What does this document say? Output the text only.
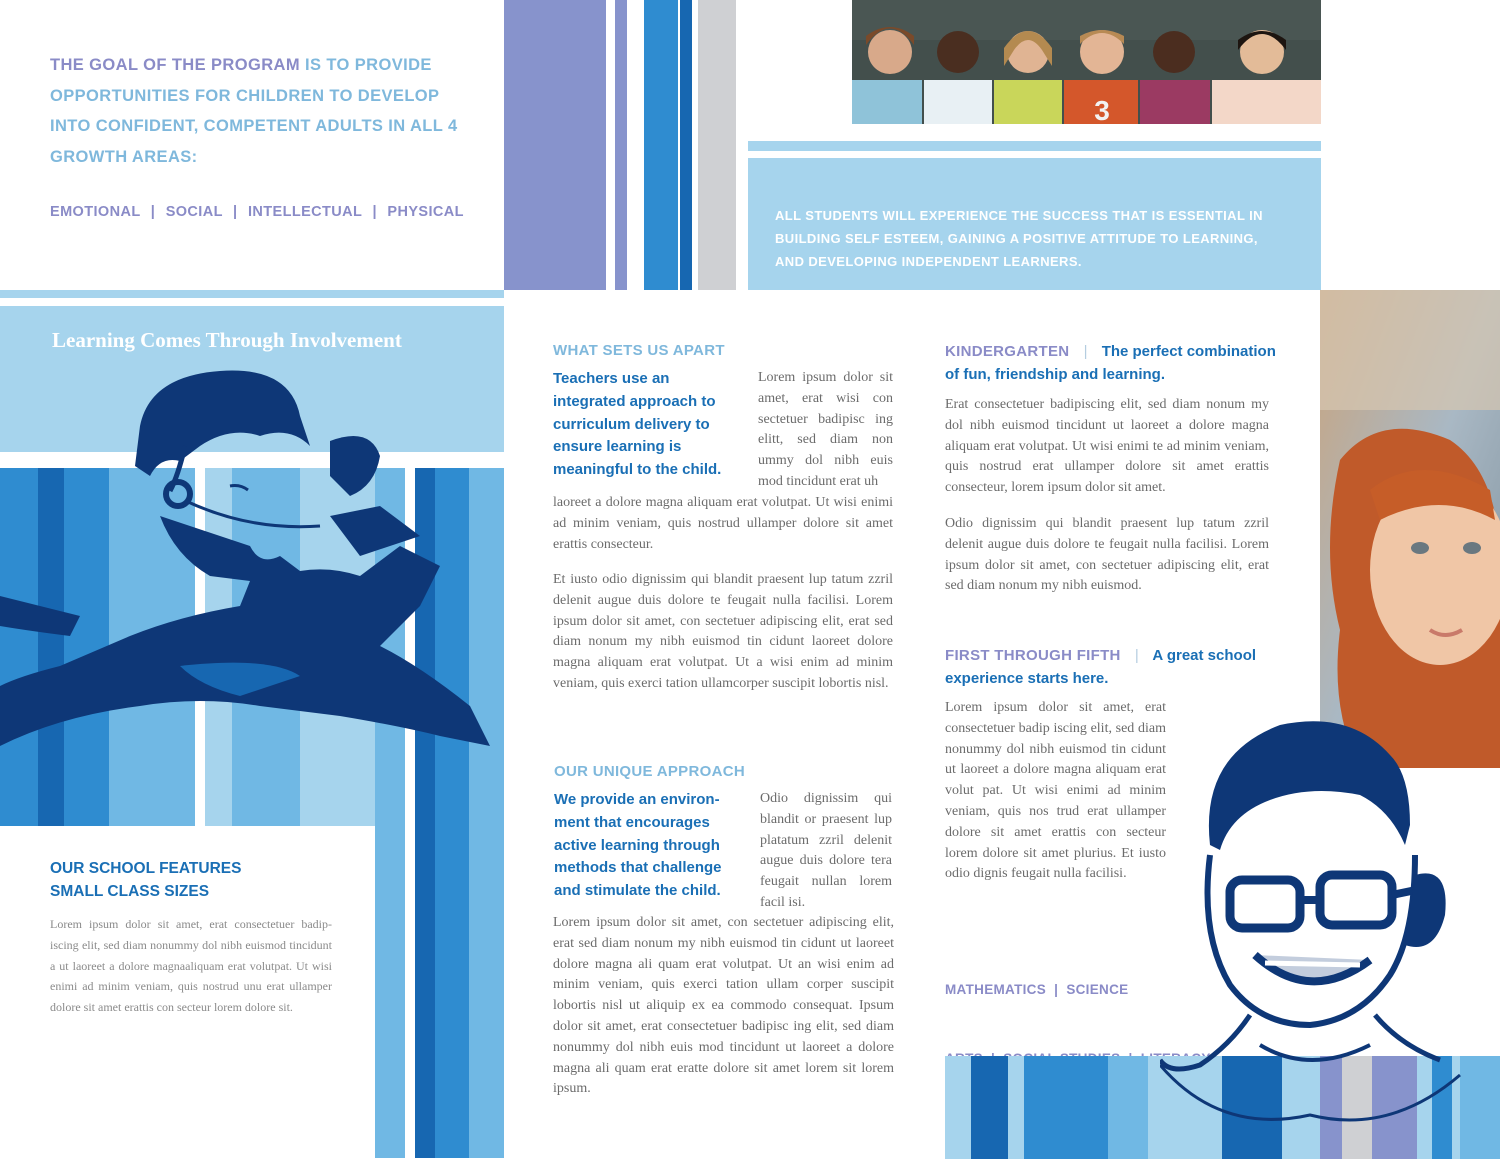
THE GOAL OF THE PROGRAM IS TO PROVIDE OPPORTUNITIES FOR CHILDREN TO DEVELOP INTO CONFIDENT, COMPETENT ADULTS IN ALL 4 GROWTH AREAS:
EMOTIONAL | SOCIAL | INTELLECTUAL | PHYSICAL
3
ALL STUDENTS WILL EXPERIENCE THE SUCCESS THAT IS ESSENTIAL IN BUILDING SELF ESTEEM, GAINING A POSITIVE ATTITUDE TO LEARNING, AND DEVELOPING INDEPENDENT LEARNERS.
Learning Comes Through Involvement
OUR SCHOOL FEATURES
SMALL CLASS SIZES

Lorem ipsum dolor sit amet, erat consectetuer badip-iscing elit, sed diam nonummy dol nibh euismod tincidunt a ut laoreet a dolore magnaaliquam erat volutpat. Ut wisi enimi ad minim veniam, quis nostrud unu erat ullamper dolore sit amet erattis con secteur lorem dolore sit.

WHAT SETS US APART

Teachers use an integrated approach to curriculum delivery to ensure learning is meaningful to the child.

Lorem ipsum dolor sit amet, erat wisi con sectetuer badipisc ing elitt, sed diam non ummy dol nibh euis mod tincidunt erat uh

laoreet a dolore magna aliquam erat volutpat. Ut wisi enimi ad minim veniam, quis nostrud ullamper dolore sit amet erattis consecteur.

Et iusto odio dignissim qui blandit praesent lup tatum zzril delenit augue duis dolore te feugait nulla facilisi. Lorem ipsum dolor sit amet, con sectetuer adipiscing elit, erat sed diam nonum my nibh euismod tin cidunt laoreet dolore magna aliquam erat volutpat. Ut a wisi enim ad minim veniam, quis exerci tation ullamcorper suscipit lobortis nisl.

OUR UNIQUE APPROACH

We provide an environ-ment that encourages active learning through methods that challenge and stimulate the child.

Odio dignissim qui blandit or praesent lup platatum zzril delenit augue duis dolore tera feugait nullan lorem facil isi.

Lorem ipsum dolor sit amet, con sectetuer adipiscing elit, erat sed diam nonum my nibh euismod tin cidunt ut laoreet dolore magna ali quam erat volutpat. Ut an wisi enim ad minim veniam, quis exerci tation ullam corper suscipit lobortis nisl ut aliquip ex ea commodo consequat. Ipsum dolor sit amet, erat consectetuer badipisc ing elit, sed diam nonummy dol nibh euis mod tincidunt ut laoreet a dolore magna ali quam erat eratte dolore sit amet lorem sit lorem ipsum.

KINDERGARTEN | The perfect combination
of fun, friendship and learning.

Erat consectetuer badipiscing elit, sed diam nonum my dol nibh euismod tincidunt ut laoreet a dolore magna aliquam erat volutpat. Ut wisi enimi te ad minim veniam, quis nostrud erat ullamper dolore sit amet erattis consecteur, lorem ipsum dolor sit amet.

Odio dignissim qui blandit praesent lup tatum zzril delenit augue duis dolore te feugait nulla facilisi. Lorem ipsum dolor sit amet, con sectetuer adipiscing elit, erat sed diam nonum my nibh euismod.

FIRST THROUGH FIFTH | A great school
experience starts here.

Lorem ipsum dolor sit amet, erat consectetuer badip iscing elit, sed diam nonummy dol nibh euismod tin cidunt ut laoreet a dolore magna aliquam erat volut pat. Ut wisi enimi ad minim veniam, quis nos trud erat ullamper dolore sit amet erattis con secteur lorem dolore sit amet plurius. Et iusto odio dignis feugait nulla facilisi.

MATHEMATICS  |  SCIENCE
